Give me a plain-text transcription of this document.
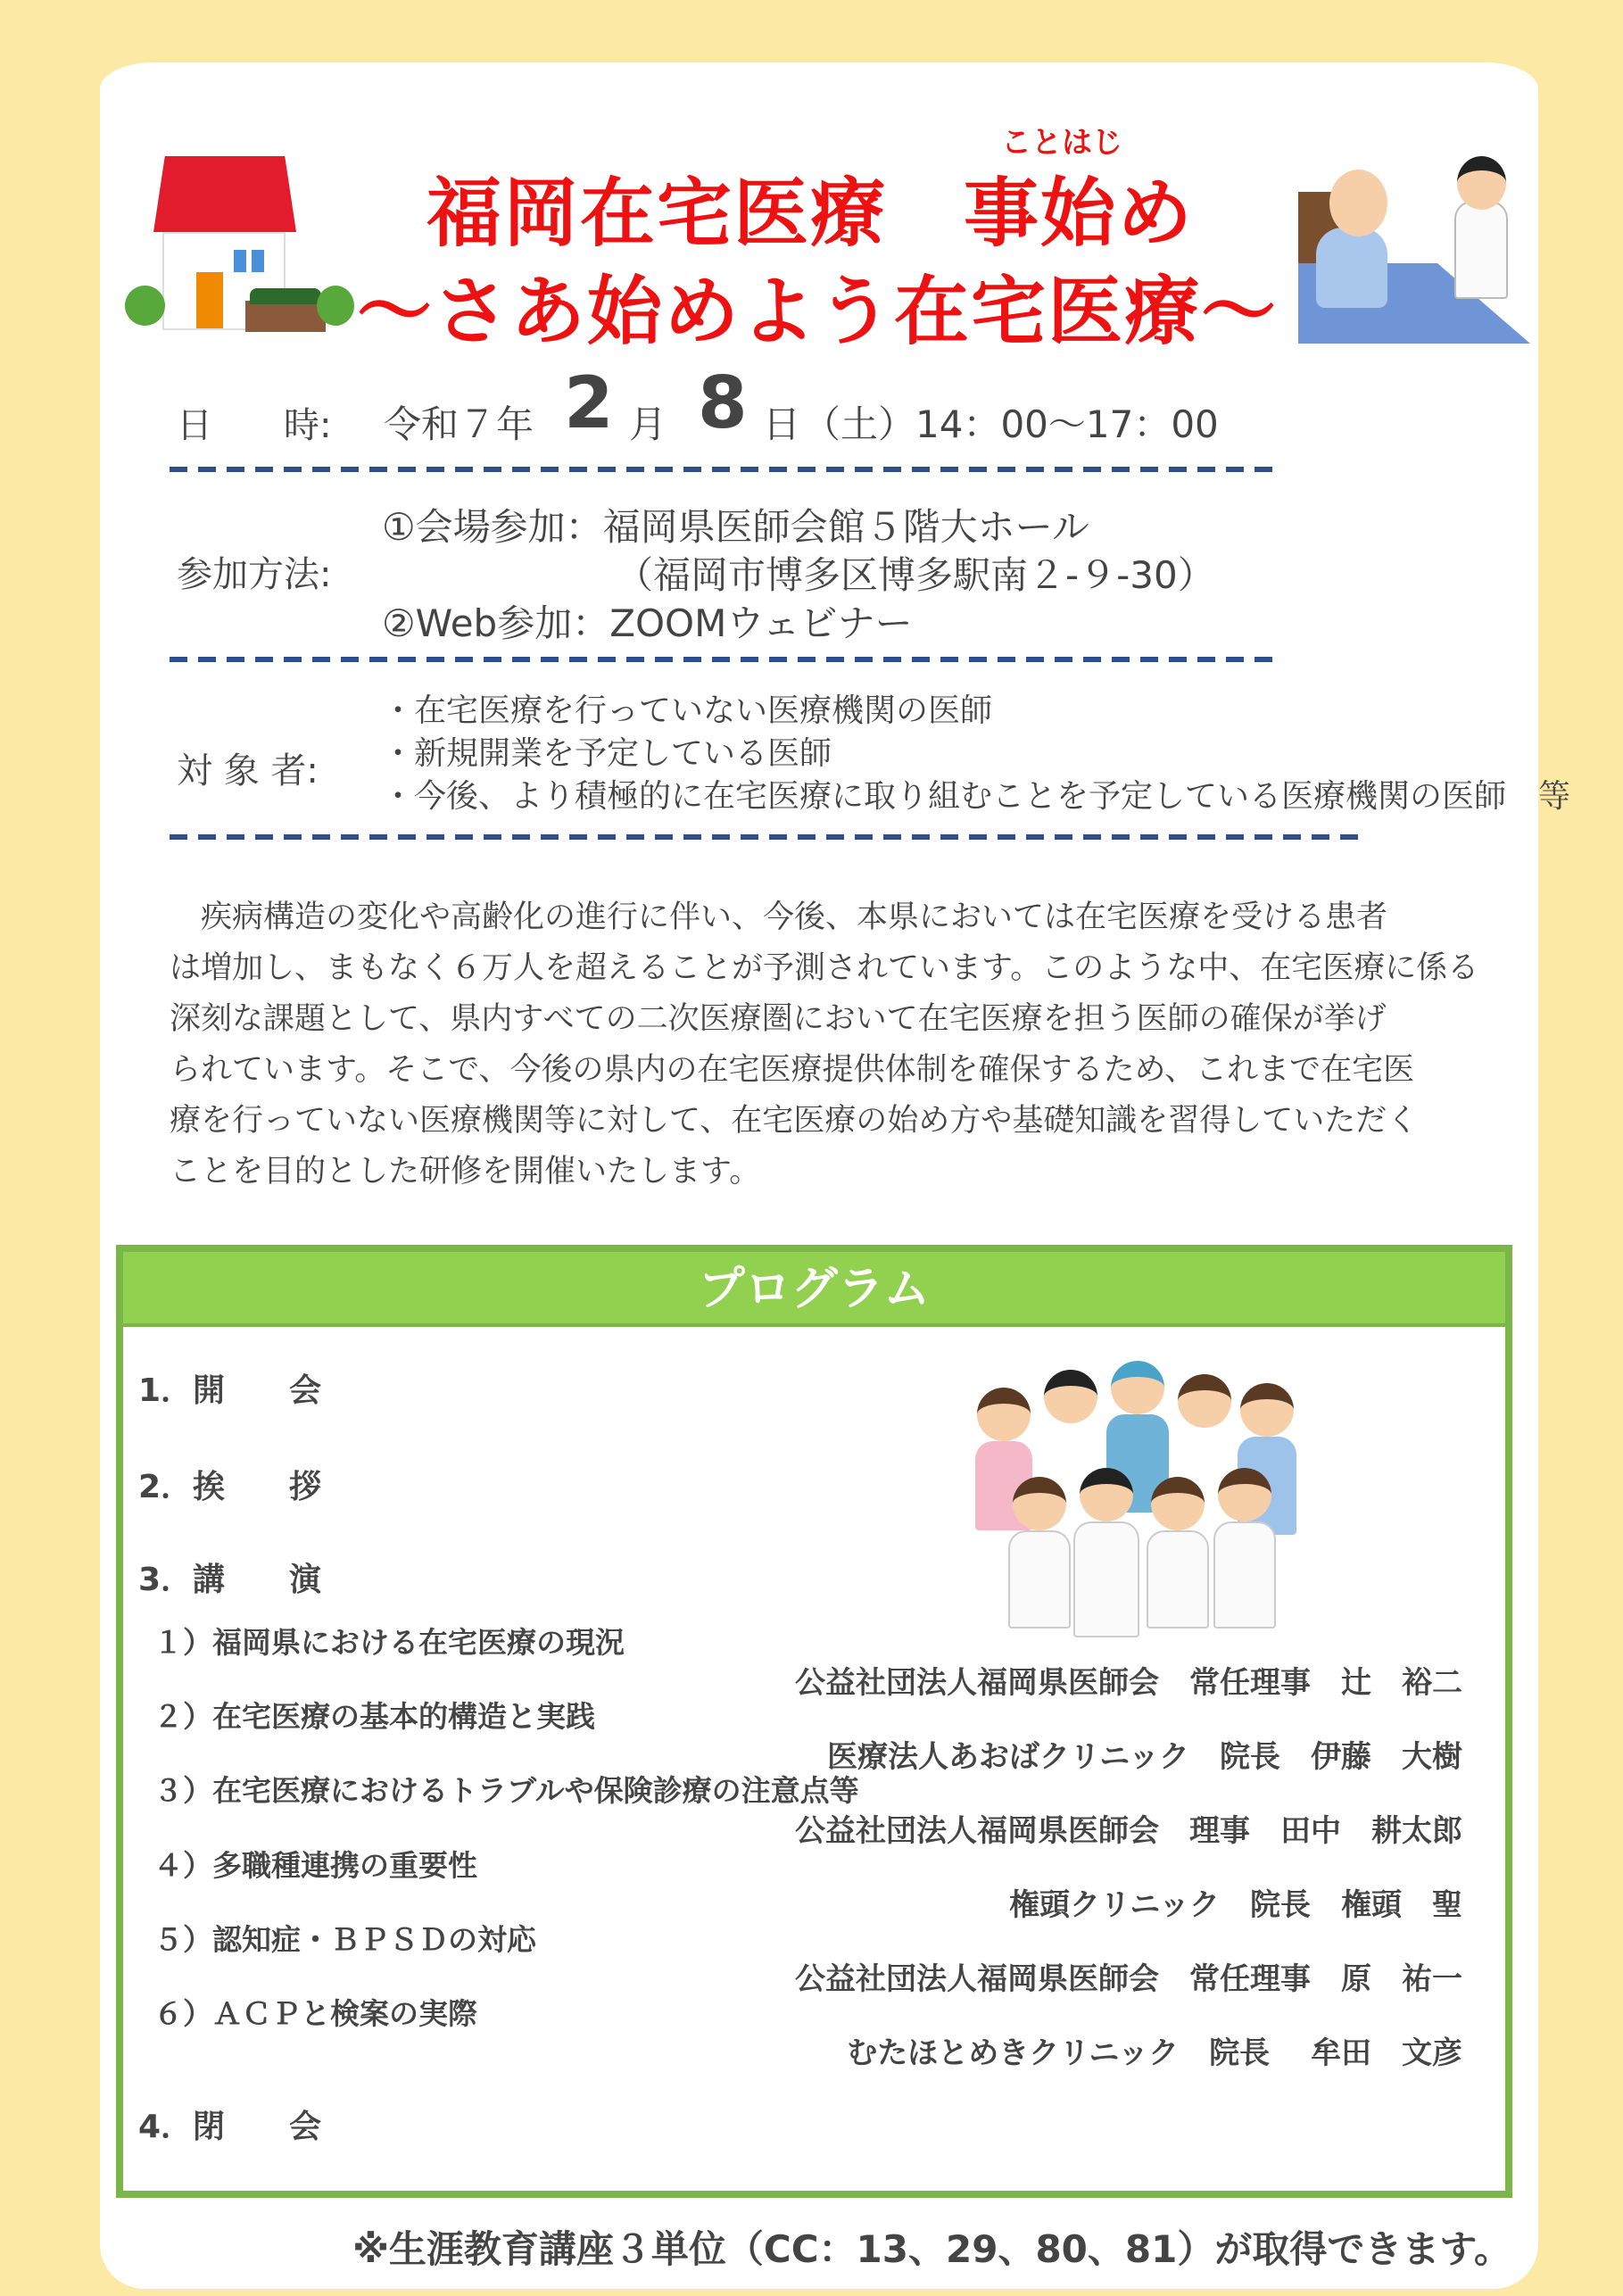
ことはじ
福岡在宅医療　事始め
～さあ始めよう在宅医療～
日　　時: 令和７年 2 月 8 日 （土）14：00～17：00
参加方法:
①会場参加：福岡県医師会館５階大ホール
（福岡市博多区博多駅南２-９-30）
②Web参加：ZOOMウェビナー
対 象 者:
・在宅医療を行っていない医療機関の医師
・新規開業を予定している医師
・今後、より積極的に在宅医療に取り組むことを予定している医療機関の医師　等

　疾病構造の変化や高齢化の進行に伴い、今後、本県においては在宅医療を受ける患者

は増加し、まもなく６万人を超えることが予測されています。このような中、在宅医療に係る

深刻な課題として、県内すべての二次医療圏において在宅医療を担う医師の確保が挙げ

られています。そこで、今後の県内の在宅医療提供体制を確保するため、これまで在宅医

療を行っていない医療機関等に対して、在宅医療の始め方や基礎知識を習得していただく

ことを目的とした研修を開催いたします。

プログラム
1．開　　会
2．挨　　拶
3．講　　演
１）福岡県における在宅医療の現況
公益社団法人福岡県医師会　常任理事　辻　裕二
２）在宅医療の基本的構造と実践
医療法人あおばクリニック　院長　伊藤　大樹
３）在宅医療におけるトラブルや保険診療の注意点等
公益社団法人福岡県医師会　理事　田中　耕太郎
４）多職種連携の重要性
権頭クリニック　院長　権頭　聖
５）認知症・ＢＰＳＤの対応
公益社団法人福岡県医師会　常任理事　原　祐一
６）ＡＣＰと検案の実際
むたほとめきクリニック　院長　 牟田　文彦
4．閉　　会
※生涯教育講座３単位（CC：13、29、80、81）が取得できます。
